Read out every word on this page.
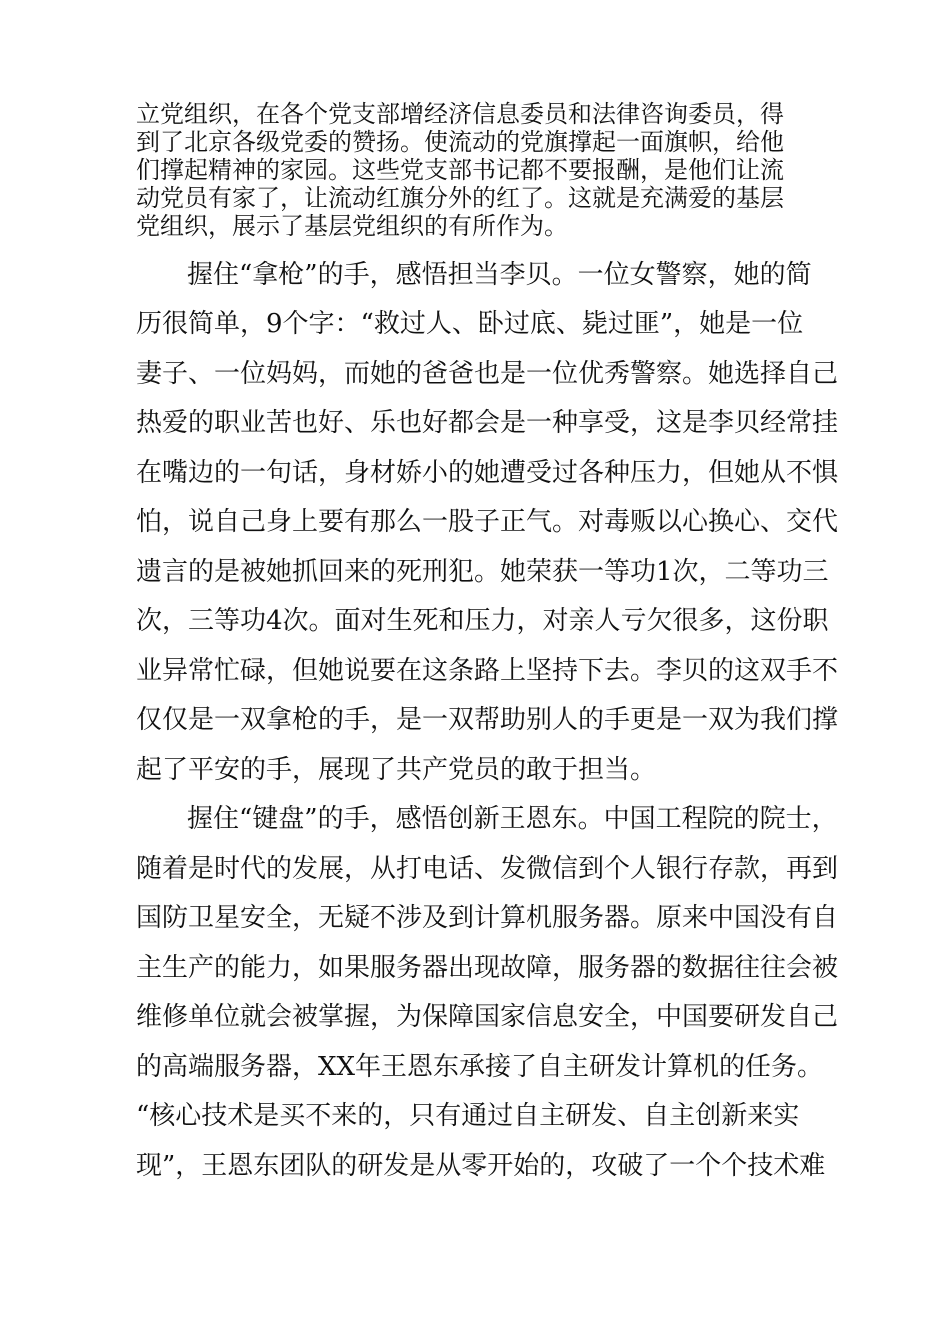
立党组织，在各个党支部增经济信息委员和法律咨询委员，得
到了北京各级党委的赞扬。使流动的党旗撑起一面旗帜，给他
们撑起精神的家园。这些党支部书记都不要报酬，是他们让流
动党员有家了，让流动红旗分外的红了。这就是充满爱的基层
党组织，展示了基层党组织的有所作为。
握住“拿枪”的手，感悟担当李贝。一位女警察，她的简
历很简单，9个字：“救过人、卧过底、毙过匪”，她是一位
妻子、一位妈妈，而她的爸爸也是一位优秀警察。她选择自己
热爱的职业苦也好、乐也好都会是一种享受，这是李贝经常挂
在嘴边的一句话，身材娇小的她遭受过各种压力，但她从不惧
怕，说自己身上要有那么一股子正气。对毒贩以心换心、交代
遗言的是被她抓回来的死刑犯。她荣获一等功1次，二等功三
次，三等功4次。面对生死和压力，对亲人亏欠很多，这份职
业异常忙碌，但她说要在这条路上坚持下去。李贝的这双手不
仅仅是一双拿枪的手，是一双帮助别人的手更是一双为我们撑
起了平安的手，展现了共产党员的敢于担当。
握住“键盘”的手，感悟创新王恩东。中国工程院的院士，
随着是时代的发展，从打电话、发微信到个人银行存款，再到
国防卫星安全，无疑不涉及到计算机服务器。原来中国没有自
主生产的能力，如果服务器出现故障，服务器的数据往往会被
维修单位就会被掌握，为保障国家信息安全，中国要研发自己
的高端服务器，XX年王恩东承接了自主研发计算机的任务。
“核心技术是买不来的，只有通过自主研发、自主创新来实
现”，王恩东团队的研发是从零开始的，攻破了一个个技术难
